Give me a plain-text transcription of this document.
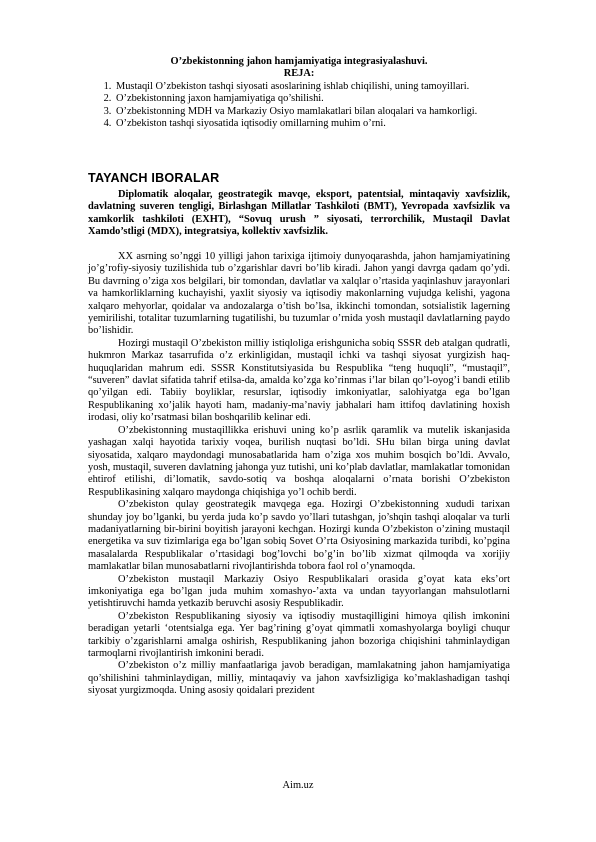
O’zbekistonning jahon hamjamiyatiga integrasiyalashuvi.

REJA:

1. Mustaqil O’zbekiston tashqi siyosati asoslarining ishlab chiqilishi, uning tamoyillari.
2. O’zbekistonning jaxon hamjamiyatiga qo’shilishi.
3. O’zbekistonning MDH va Markaziy Osiyo mamlakatlari bilan aloqalari va hamkorligi.
4. O’zbekiston tashqi siyosatida iqtisodiy omillarning muhim o’rni.
TAYANCH IBORALAR

Diplomatik aloqalar, geostrategik mavqe, eksport, patentsial, mintaqaviy xavfsizlik, davlatning suveren tengligi, Birlashgan Millatlar Tashkiloti (BMT), Yevropada xavfsizlik va xamkorlik tashkiloti (EXHT), “Sovuq urush ” siyosati, terrorchilik, Mustaqil Davlat Xamdo’stligi (MDX), integratsiya, kollektiv xavfsizlik.

XX asrning so’nggi 10 yilligi jahon tarixiga ijtimoiy dunyoqarashda, jahon hamjamiyatining jo’g’rofiy-siyosiy tuzilishida tub o’zgarishlar davri bo’lib kiradi. Jahon yangi davrga qadam qo’ydi. Bu davrning o’ziga xos belgilari, bir tomondan, davlatlar va xalqlar o’rtasida yaqinlashuv jarayonlari va hamkorliklarning kuchayishi, yaxlit siyosiy va iqtisodiy makonlarning vujudga kelishi, yagona xalqaro mehyorlar, qoidalar va andozalarga o’tish bo’lsa, ikkinchi tomondan, sotsialistik lagerning yemirilishi, totalitar tuzumlarning tugatilishi, bu tuzumlar o’rnida yosh mustaqil davlatlarning paydo bo’lishidir.

Hozirgi mustaqil O’zbekiston milliy istiqloliga erishgunicha sobiq SSSR deb atalgan qudratli, hukmron Markaz tasarrufida o’z erkinligidan, mustaqil ichki va tashqi siyosat yurgizish haq-huquqlaridan mahrum edi. SSSR Konstitutsiyasida bu Respublika “teng huquqli”, “mustaqil”, “suveren” davlat sifatida tahrif etilsa-da, amalda ko’zga ko’rinmas i’lar bilan qo’l-oyog’i bandi etilib qo’yilgan edi. Tabiiy boyliklar, resurslar, iqtisodiy imkoniyatlar, salohiyatga ega bo’lgan Respublikaning xo’jalik hayoti ham, madaniy-ma’naviy jabhalari ham ittifoq davlatining hoxish irodasi, oliy ko’rsatmasi bilan boshqarilib kelinar edi.

O’zbekistonning mustaqillikka erishuvi uning ko’p asrlik qaramlik va mutelik iskanjasida yashagan xalqi hayotida tarixiy voqea, burilish nuqtasi bo’ldi. SHu bilan birga uning davlat siyosatida, xalqaro maydondagi munosabatlarida ham o’ziga xos muhim bosqich bo’ldi. Avvalo, yosh, mustaqil, suveren davlatning jahonga yuz tutishi, uni ko’plab davlatlar, mamlakatlar tomonidan ehtirof etilishi, di’lomatik, savdo-sotiq va boshqa aloqalarni o’rnata borishi O’zbekiston Respublikasining xalqaro maydonga chiqishiga yo’l ochib berdi.

O’zbekiston qulay geostrategik mavqega ega. Hozirgi O’zbekistonning xududi tarixan shunday joy bo’lganki, bu yerda juda ko’p savdo yo’llari tutashgan, jo’shqin tashqi aloqalar va turli madaniyatlarning bir-birini boyitish jarayoni kechgan. Hozirgi kunda O’zbekiston o’zining mustaqil energetika va suv tizimlariga ega bo’lgan sobiq Sovet O’rta Osiyosining markazida turibdi, ko’pgina masalalarda Respublikalar o’rtasidagi bog’lovchi bo’g’in bo’lib xizmat qilmoqda va xorijiy mamlakatlar bilan munosabatlarni rivojlantirishda tobora faol rol o’ynamoqda.

O’zbekiston mustaqil Markaziy Osiyo Respublikalari orasida g’oyat kata eks’ort imkoniyatiga ega bo’lgan juda muhim xomashyo-’axta va undan tayyorlangan mahsulotlarni yetishtiruvchi hamda yetkazib beruvchi asosiy Respublikadir.

O’zbekiston Respublikaning siyosiy va iqtisodiy mustaqilligini himoya qilish imkonini beradigan yetarli ‘otentsialga ega. Yer bag’rining g’oyat qimmatli xomashyolarga boyligi chuqur tarkibiy o’zgarishlarni amalga oshirish, Respublikaning jahon bozoriga chiqishini tahminlaydigan tarmoqlarni rivojlantirish imkonini beradi.

O’zbekiston o’z milliy manfaatlariga javob beradigan, mamlakatning jahon hamjamiyatiga qo’shilishini tahminlaydigan, milliy, mintaqaviy va jahon xavfsizligiga ko’maklashadigan tashqi siyosat yurgizmoqda. Uning asosiy qoidalari prezident

Aim.uz
